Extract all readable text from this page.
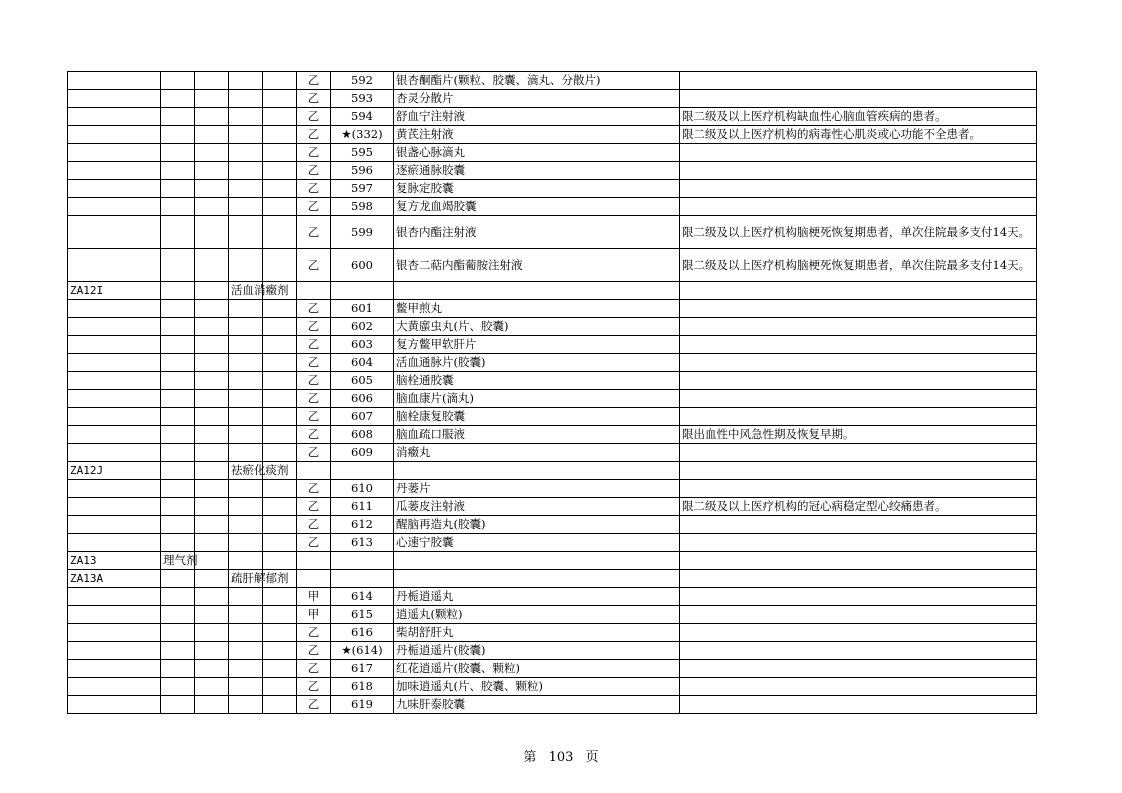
					乙	592	银杏酮酯片(颗粒、胶囊、滴丸、分散片)	
					乙	593	杏灵分散片	
					乙	594	舒血宁注射液	限二级及以上医疗机构缺血性心脑血管疾病的患者。
					乙	★(332)	黄芪注射液	限二级及以上医疗机构的病毒性心肌炎或心功能不全患者。
					乙	595	银盏心脉滴丸	
					乙	596	逐瘀通脉胶囊	
					乙	597	复脉定胶囊	
					乙	598	复方龙血竭胶囊	
					乙	599	银杏内酯注射液	限二级及以上医疗机构脑梗死恢复期患者，单次住院最多支付14天。
					乙	600	银杏二萜内酯葡胺注射液	限二级及以上医疗机构脑梗死恢复期患者，单次住院最多支付14天。
ZA12I			活血消癥剂					
					乙	601	鳖甲煎丸	
					乙	602	大黄䗪虫丸(片、胶囊)	
					乙	603	复方鳖甲软肝片	
					乙	604	活血通脉片(胶囊)	
					乙	605	脑栓通胶囊	
					乙	606	脑血康片(滴丸)	
					乙	607	脑栓康复胶囊	
					乙	608	脑血疏口服液	限出血性中风急性期及恢复早期。
					乙	609	消癥丸	
ZA12J			祛瘀化痰剂					
					乙	610	丹蒌片	
					乙	611	瓜蒌皮注射液	限二级及以上医疗机构的冠心病稳定型心绞痛患者。
					乙	612	醒脑再造丸(胶囊)	
					乙	613	心速宁胶囊	
ZA13	理气剂							
ZA13A			疏肝解郁剂					
					甲	614	丹栀逍遥丸	
					甲	615	逍遥丸(颗粒)	
					乙	616	柴胡舒肝丸	
					乙	★(614)	丹栀逍遥片(胶囊)	
					乙	617	红花逍遥片(胶囊、颗粒)	
					乙	618	加味逍遥丸(片、胶囊、颗粒)	
					乙	619	九味肝泰胶囊	
第 103 页
